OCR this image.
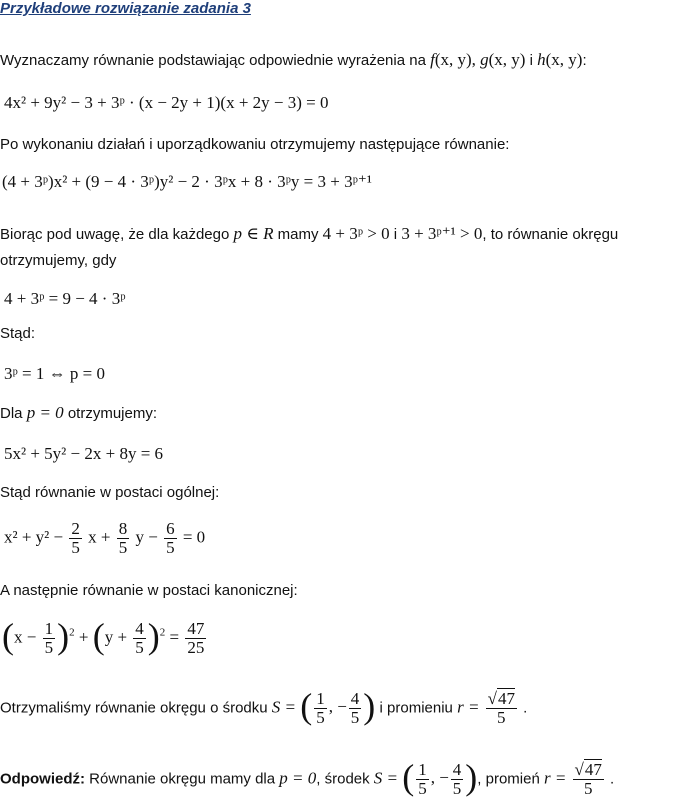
Przykładowe rozwiązanie zadania 3
Wyznaczamy równanie podstawiając odpowiednie wyrażenia na f(x, y), g(x, y) i h(x, y):
4x² + 9y² − 3 + 3ᵖ · (x − 2y + 1)(x + 2y − 3) = 0
Po wykonaniu działań i uporządkowaniu otrzymujemy następujące równanie:
(4 + 3ᵖ)x² + (9 − 4 · 3ᵖ)y² − 2 · 3ᵖx + 8 · 3ᵖy = 3 + 3ᵖ⁺¹
Biorąc pod uwagę, że dla każdego p ∈ R mamy 4 + 3ᵖ > 0 i 3 + 3ᵖ⁺¹ > 0, to równanie okręgu
otrzymujemy, gdy
4 + 3ᵖ = 9 − 4 · 3ᵖ
Stąd:
3ᵖ = 1 ⇔ p = 0
Dla p = 0 otrzymujemy:
5x² + 5y² − 2x + 8y = 6
Stąd równanie w postaci ogólnej:
$x^2 + y^2 - \frac{2}{5}$ $x + \frac{8}{5}$ $y - \frac{6}{5} = 0$
A następnie równanie w postaci kanonicznej:
$(x - \frac{1}{5} )^2 + (y + \frac{4}{5} )^2 = \frac{47}{25}$
Otrzymaliśmy równanie okręgu o środku S = ( $\frac{1}{5}$ , − $\frac{4}{5}$ ) i promieniu $r = \frac{√47}{5}$ .
Odpowiedź: Równanie okręgu mamy dla p = 0, środek S = ( $\frac{1}{5}$ , − $\frac{4}{5}$ ), promień $r = \frac{√47}{5}$ .
